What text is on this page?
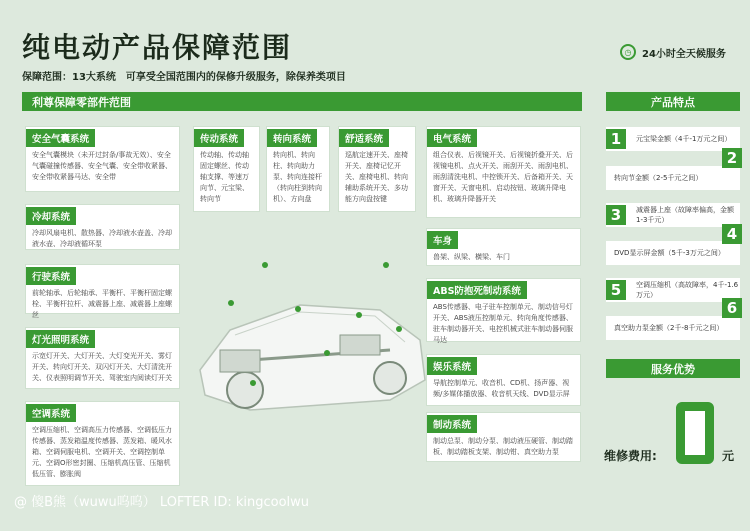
纯电动产品保障范围
保障范围：13大系统　可享受全国范围内的保修升级服务，除保养类项目
◷	24小时全天候服务
利尊保障零部件范围	产品特点
服务优势
安全气囊系统
安全气囊模块（未开过封条/事故无效）、安全气囊碰撞传感器、安全气囊、安全带收紧器、安全带收紧器马达、安全带
冷却系统
冷却风扇电机、散热器、冷却液水壶盖、冷却液水壶、冷却液循环泵
行驶系统
前轮轴承、后轮轴承、平衡杆、平衡杆固定螺栓、平衡杆拉杆、减震器上座、减震器上座螺丝
灯光照明系统
示宽灯开关、大灯开关、大灯变光开关、雾灯开关、转向灯开关、双闪灯开关、大灯清洗开关、仪表照明调节开关、驾驶室内阅读灯开关
空调系统
空调压缩机、空调高压力传感器、空调低压力传感器、蒸发箱温度传感器、蒸发箱、暖风水箱、空调伺服电机、空调开关、空调控制单元、空调O形密封圈、压缩机高压管、压缩机低压管、膨胀阀
传动系统
传动轴、传动轴固定螺丝、传动轴支撑、等速万向节、元宝梁、转向节
转向系统
转向机、转向柱、转向助力泵、转向连接杆（转向柱到转向机）、方向盘
舒适系统
巡航定速开关、座椅开关、座椅记忆开关、座椅电机、转向辅助系统开关、多功能方向盘按键
电气系统
组合仪表、后视镜开关、后视镜折叠开关、后视镜电机、点火开关、雨刮开关、雨刮电机、雨刮清洗电机、中控锁开关、后备箱开关、天窗开关、天窗电机、启动按钮、玻璃升降电机、玻璃升降器开关
车身
兽架、纵梁、横梁、车门
ABS防抱死制动系统
ABS传感器、电子驻车控制单元、制动信号灯开关、ABS液压控制单元、转向角度传感器、驻车制动器开关、电控机械式驻车制动器伺服马达
娱乐系统
导航控制单元、收音机、CD机、扬声器、视频/多媒体播放器、收音机天线、DVD显示屏
制动系统
制动总泵、制动分泵、制动液压硬管、制动踏板、制动踏板支架、制动钳、真空助力泵
元宝梁金额（4千-1万元之间）
1
转向节金额（2-5千元之间）
2
减震器上座（故障率偏高，金额1-3千元）
3
DVD显示屏金额（5千-3万元之间）
4
空调压缩机（高故障率，4千-1.6万元）
5
真空助力泵金额（2千-8千元之间）
6
维修费用:	元
@ 傻B熊（wuwu呜呜） LOFTER ID: kingcoolwu
